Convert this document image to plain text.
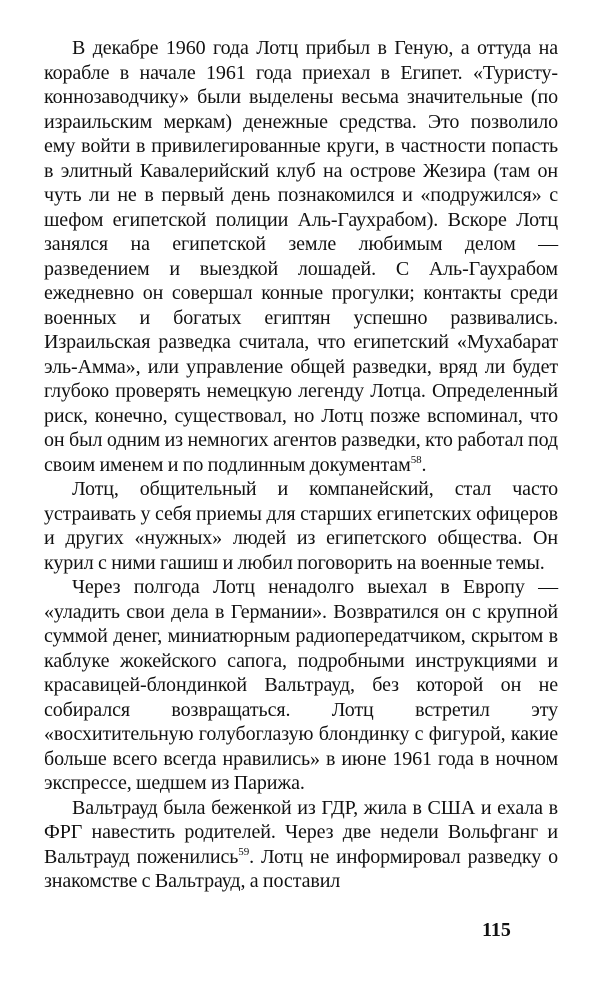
В декабре 1960 года Лотц прибыл в Геную, а оттуда на корабле в начале 1961 года приехал в Египет. «Туристу-коннозаводчику» были выделены весьма значительные (по израильским меркам) денежные средства. Это позволило ему войти в привилегированные круги, в частности попасть в элитный Кавалерийский клуб на острове Жезира (там он чуть ли не в первый день познакомился и «подружился» с шефом египетской полиции Аль-Гаухрабом). Вскоре Лотц занялся на египетской земле любимым делом — разведением и выездкой лошадей. С Аль-Гаухрабом ежедневно он совершал конные прогулки; контакты среди военных и богатых египтян успешно развивались. Израильская разведка считала, что египетский «Мухабарат эль-Амма», или управление общей разведки, вряд ли будет глубоко проверять немецкую легенду Лотца. Определенный риск, конечно, существовал, но Лотц позже вспоминал, что он был одним из немногих агентов разведки, кто работал под своим именем и по подлинным документам$^{58}$.

Лотц, общительный и компанейский, стал часто устраивать у себя приемы для старших египетских офицеров и других «нужных» людей из египетского общества. Он курил с ними гашиш и любил поговорить на военные темы.

Через полгода Лотц ненадолго выехал в Европу — «уладить свои дела в Германии». Возвратился он с крупной суммой денег, миниатюрным радиопередатчиком, скрытом в каблуке жокейского сапога, подробными инструкциями и красавицей-блондинкой Вальтрауд, без которой он не собирался возвращаться. Лотц встретил эту «восхитительную голубоглазую блондинку с фигурой, какие больше всего всегда нравились» в июне 1961 года в ночном экспрессе, шедшем из Парижа.

Вальтрауд была беженкой из ГДР, жила в США и ехала в ФРГ навестить родителей. Через две недели Вольфганг и Вальтрауд поженились$^{59}$. Лотц не информировал разведку о знакомстве с Вальтрауд, а поставил

115
